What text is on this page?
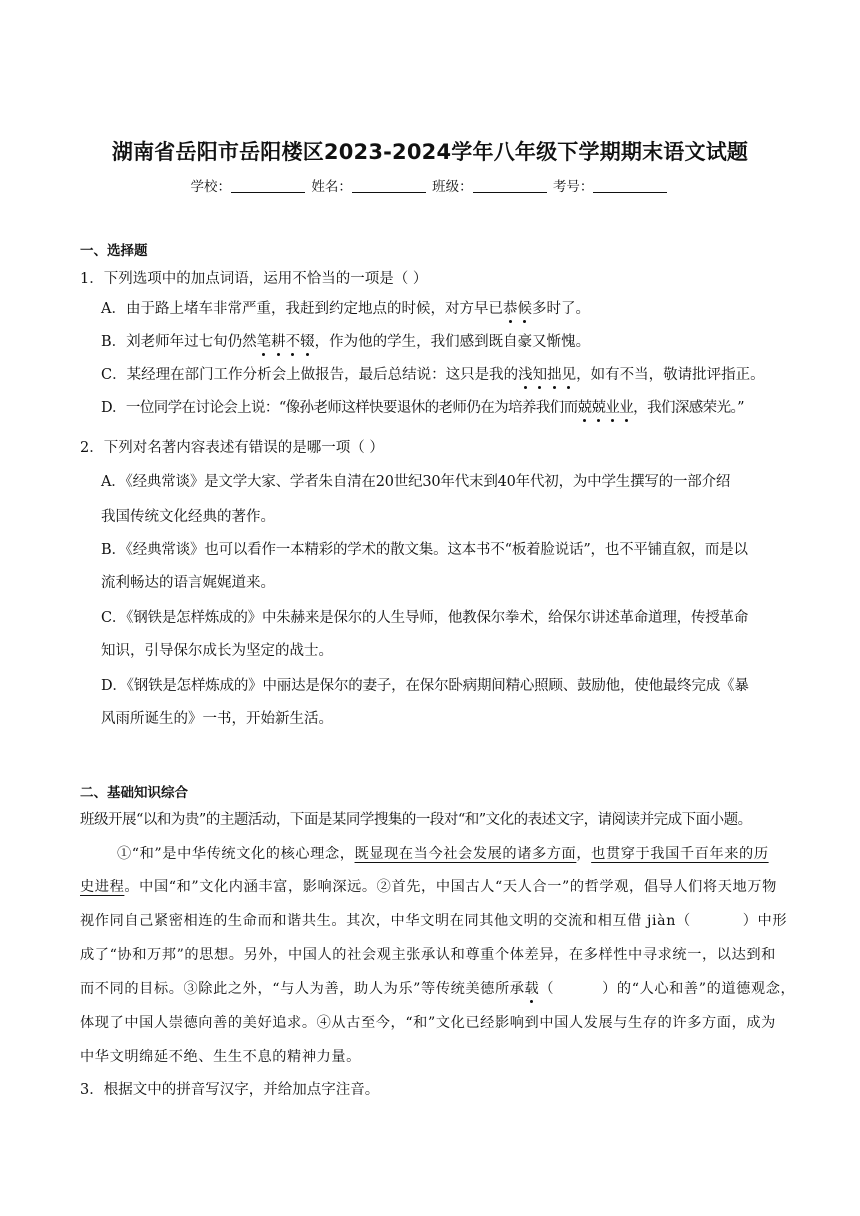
湖南省岳阳市岳阳楼区2023-2024学年八年级下学期期末语文试题
学校：	姓名：	班级：	考号：
一、选择题
1．下列选项中的加点词语，运用不恰当的一项是（ ）
A．由于路上堵车非常严重，我赶到约定地点的时候，对方早已恭候多时了。
B．刘老师年过七旬仍然笔耕不辍，作为他的学生，我们感到既自豪又惭愧。
C．某经理在部门工作分析会上做报告，最后总结说：这只是我的浅知拙见，如有不当，敬请批评指正。
D．一位同学在讨论会上说：“像孙老师这样快要退休的老师仍在为培养我们而兢兢业业，我们深感荣光。”
2．下列对名著内容表述有错误的是哪一项（ ）
A．《经典常谈》是文学大家、学者朱自清在20世纪30年代末到40年代初，为中学生撰写的一部介绍
我国传统文化经典的著作。
B．《经典常谈》也可以看作一本精彩的学术的散文集。这本书不“板着脸说话”，也不平铺直叙，而是以
流利畅达的语言娓娓道来。
C．《钢铁是怎样炼成的》中朱赫来是保尔的人生导师，他教保尔拳术，给保尔讲述革命道理，传授革命
知识，引导保尔成长为坚定的战士。
D．《钢铁是怎样炼成的》中丽达是保尔的妻子，在保尔卧病期间精心照顾、鼓励他，使他最终完成《暴
风雨所诞生的》一书，开始新生活。
二、基础知识综合
班级开展“以和为贵”的主题活动，下面是某同学搜集的一段对“和”文化的表述文字，请阅读并完成下面小题。
①“和”是中华传统文化的核心理念，既显现在当今社会发展的诸多方面，也贯穿于我国千百年来的历
史进程。中国“和”文化内涵丰富，影响深远。②首先，中国古人“天人合一”的哲学观，倡导人们将天地万物
视作同自己紧密相连的生命而和谐共生。其次，中华文明在同其他文明的交流和相互借 jiàn（	）中形
成了“协和万邦”的思想。另外，中国人的社会观主张承认和尊重个体差异，在多样性中寻求统一，以达到和
而不同的目标。③除此之外，“与人为善，助人为乐”等传统美德所承载（	）的“人心和善”的道德观念，
体现了中国人崇德向善的美好追求。④从古至今，“和”文化已经影响到中国人发展与生存的许多方面，成为
中华文明绵延不绝、生生不息的精神力量。
3．根据文中的拼音写汉字，并给加点字注音。
